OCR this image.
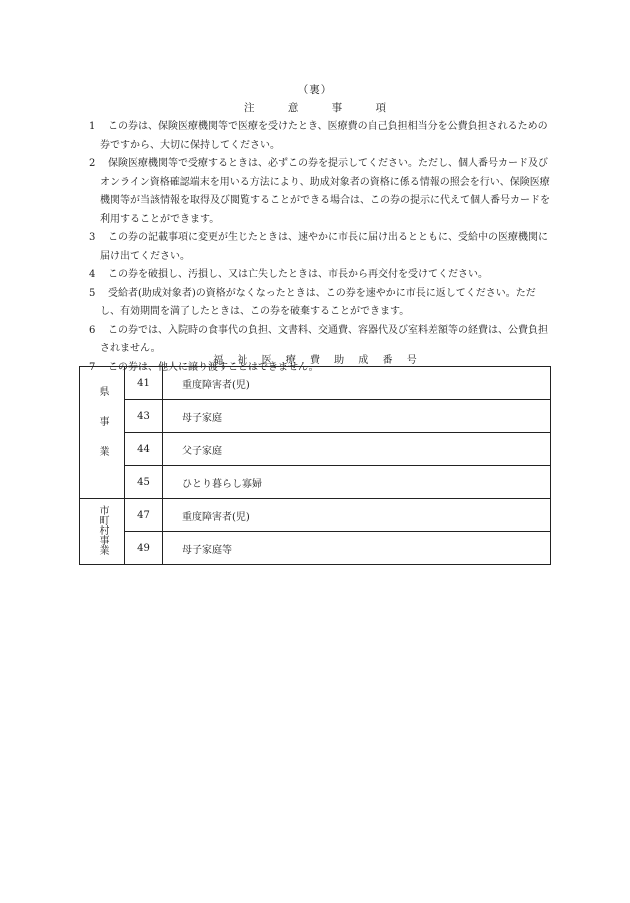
（裏）
注 意 事 項
1	この券は、保険医療機関等で医療を受けたとき、医療費の自己負担相当分を公費負担されるための券ですから、大切に保持してください。
2	保険医療機関等で受療するときは、必ずこの券を提示してください。ただし、個人番号カード及びオンライン資格確認端末を用いる方法により、助成対象者の資格に係る情報の照会を行い、保険医療機関等が当該情報を取得及び閲覧することができる場合は、この券の提示に代えて個人番号カードを利用することができます。
3	この券の記載事項に変更が生じたときは、速やかに市長に届け出るとともに、受給中の医療機関に届け出てください。
4	この券を破損し、汚損し、又は亡失したときは、市長から再交付を受けてください。
5	受給者(助成対象者)の資格がなくなったときは、この券を速やかに市長に返してください。ただし、有効期間を満了したときは、この券を破棄することができます。
6	この券では、入院時の食事代の負担、文書料、交通費、容器代及び室料差額等の経費は、公費負担されません。
7	この券は、他人に譲り渡すことはできません。
福 祉 医 療 費 助 成 番 号
県事業	41	重度障害者(児)
	43	母子家庭
	44	父子家庭
	45	ひとり暮らし寡婦
市町村事業	47	重度障害者(児)
	49	母子家庭等
